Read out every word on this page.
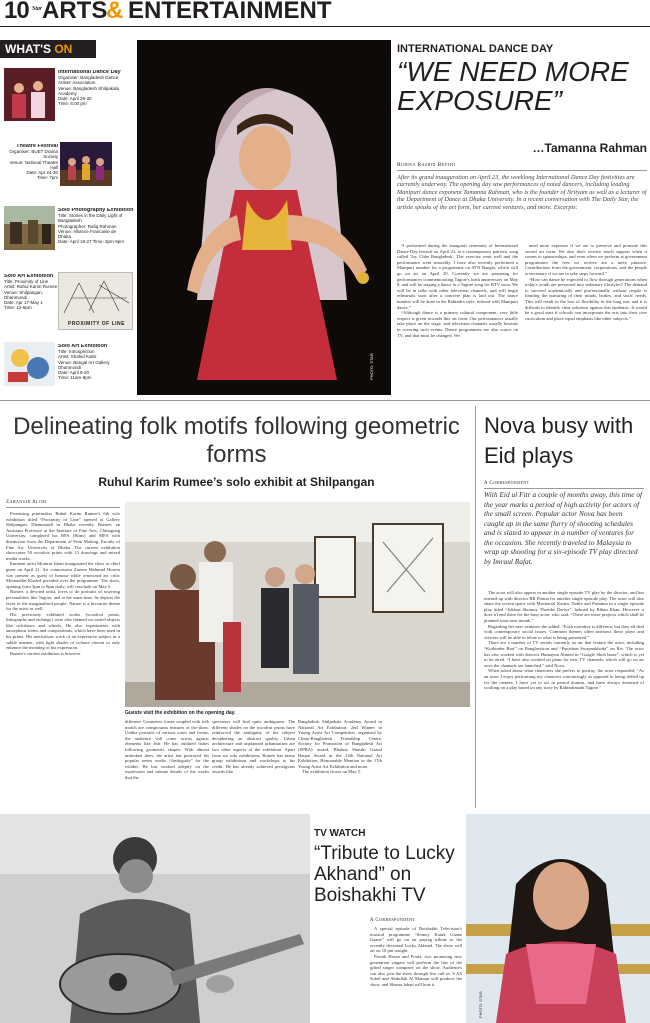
10 Star ARTS
& ENTERTAINMENT
WHAT'S ON
International Dance Day
Organiser: Bangladesh Dance
Artists' Association
Venue: Bangladesh Shilpakala
Academy
Date: April 29-30
Time: 6:00 pm
Theatre Festival
Organiser: BUET Drama Society
Venue: National Theatre
Hall
Date: Apr 24-30
Time: 7pm
Solo Photography Exhibition
Title: Stories in the Daily Light of
Bangladesh
Photographer: Rafiq Rahman
Venue: Alliance Francaise de
Dhaka
Date: April 18-27 Time: 3pm-9pm
Solo Art Exhibition
Title: Proximity of Line
Artist: Rahul Karim Rumee
Venue: Shilpangan, Dhanmondi
Date: Apr 17-May 1
Time: 12-8pm
PROXIMITY OF LINE
Solo Art Exhibition
Title: Introspection
Artist: Shahid Kabir
Venue: Bengal Art Gallery,
Dhanmondi
Date: April 5-20
Time: 11am-8pm	PHOTO: STAR
INTERNATIONAL DANCE DAY
“WE NEED MORE EXPOSURE”
…Tamanna Rahman
Rubina Rashid Beethi
After its grand inauguration on April 23, the weeklong International Dance Day festivities are currently underway. The opening day saw performances of noted dancers, including leading Manipuri dance exponent Tamanna Rahman, who is the founder of Nrityam as well as a lecturer of the Department of Dance at Dhaka University. In a recent conversation with The Daily Star, the artiste speaks of the art form, her current ventures, and more. Excerpts:

“I performed during the inaugural ceremony of International Dance Day festival on April 23, to a contemporary patriotic song called 'Joy Chhe Bangladesh'. The exercise went well and the performance went smoothly. I have also recently performed a Manipuri number for a programme on ATN Bangla, which will go on air on April 29. Currently we are preparing for performances commemorating Tagore's birth anniversary on May 8, and will be staging a dance to a Tagore song for BTV soon. We will be in talks with other television channels, and will begin rehearsals soon after a concrete plan is laid out. The dance number will be done in the Rabindra style, infused with Manipuri dance.”

“Although dance is a primary cultural component, very little respect is given towards this art form. Our performances usually take place on the stage, and television channels usually hesitate in covering such events. Dance programmes are also scarce on TV, and that must be changed. We

need more exposure if we are to preserve and promote this sacred art form. We also don't receive much support when it comes to sponsorships, and even when we perform at government programmes the fees we receive are a mere pittance. Contributions from the government, corporations, and the people is necessary if we are to take steps forward.”

“How can dance be expected to flow through generations when today's youth are pressured into sedentary lifestyles? The demand to succeed academically and professionally without respite is limiting the nurturing of their minds, bodies, and souls' needs. This will result in the loss of flexibility in the long run, and it is difficult to identify clear solutions against this epidemic. It would be a good start if schools can incorporate the arts into their core curriculum and place equal emphasis like other subjects.”

Delineating folk motifs following geometric forms
Ruhul Karim Rumee’s solo exhibit at Shilpangan
Zahangir Alom

Promising printmaker Ruhul Karim Rumee's 6th solo exhibition titled “Proximity of Line” opened at Gallery Shilpangan, Dhanmondi in Dhaka recently. Rumee, an Assistant Professor at the Institute of Fine Arts, Chittagong University, completed his BFA (Hons) and MFA with distinction from the Department of Print Making, Faculty of Fine Art, University of Dhaka. The current exhibition showcases 50 woodcut prints with 13 drawings and mixed media works.

Eminent artist Monirul Islam inaugurated the show as chief guest on April 21. Art connoisseur Zareen Mahmud Hosein was present as guest of honour while renowned art critic Moinuddin Khaled presided over the programme. The show, opening from 3pm to 8pm daily, will conclude on May 5.

Rumee, a devoted artist, loves to do portraits of towering personalities like Tagore, and at the same time, he depicts the faces of the marginalised people. Nature is a favourite theme for the artist as well.

His previously exhibited works [woodcut prints, lithographs and etchings] were also themed on varied objects like rickshaws and wheels. He also experiments with amorphous forms and compositions, which have been used in his prints. His meticulous work of an expressive subject in a subtle manner, with light shades of colours chosen to only enhance the meaning of his expression.

Rumee's current exhibition is however

Guests visit the exhibition on the opening day.

different. Geometric forms coupled with folk motifs are conspicuous features of the show. Unlike portraits of various tones and forms, the audience will come across agastic elements like fish. He has outlined fishes following geometric shapes. With almost unbroken lines, the artist has portrayed his popular series works “Ambiguity” for the exhibit. He has worked adeptly on the expression and minute details of the works that the

spectators will find quite ambiguous. The different shades on the woodcut prints have reinforced the ambiguity of the subject deciphering an abstract quality. Urban architecture and unplanned urbanisation are two other aspects of the exhibition. Apart from six solo exhibitions, Rumee has many group exhibitions and workshops to his credit. He has already achieved prestigious awards like

Bangladesh Shilpakala Academy Award in National Art Exhibition, 2nd Winner in Young Artist Art Competition, organised by China-Bangladesh Friendship Centre, Society for Promotion of Bangladesh Art (SPBA) award, Bhabna Shasthi Gaatal Haque Award in the 13th National Art Exhibition, Honourable Mention in the 17th Young Artist Art Exhibition and more.

The exhibition closes on May 5.

Nova busy with Eid plays
A Correspondent
With Eid ul Fitr a couple of months away, this time of the year marks a period of high activity for actors of the small screen. Popular actor Nova has been caught up in the same flurry of shooting schedules and is slated to appear in a number of ventures for the occasion. She recently traveled to Malaysia to wrap up shooting for a six-episode TV play directed by Imraul Rafat.

The actor will also appear in another single episode TV play by the director, and has teamed up with director BR Pinton for another single episode play. The actor will also share the screen space with Mosharraf Karim, Noble and Purnima in a single episode play titled “Jokhon Shomoy Thomke Dariye”, helmed by Rihan Khan. However it does n't end there for the busy actor, who said, “There are more projects which shall be planned soon next month.”

Regarding her new ventures she added, “Each narrative is different, but they all deal with contemporary social issues. Common themes often intersect these plays and viewers will be able to relate to what is being presented.”

There are a number of TV serials currently on air that feature the actor, including “Kothinder Bari” on Banglavision and “Punishon Swapnakhoda” on Rtv. The actor has also worked with director Humayun Ahmed in “Gaagle Shoh baste”, which is yet to be aired. “I have also worked on plans for new TV channels, which will go on air once the channels are launched,” said Nova.

When asked about what characters she prefers to portray, the actor responded, “As an actor I enjoy performing my character convincingly as opposed to being dolled up for the camera. I have yet to act in period dramas, and have always dreamed of working on a play based on any story by Rabindranath Tagore.”

TV WATCH
“Tribute to Lucky Akhand” on Boishakhi TV
A Correspondent

A special episode of Boishakhi Television's musical programme “Somoy Katuk Gaane Gaane” will go on air paying tribute to the recently deceased Lucky Akhand. The show will air on 10 pm tonight.

Pronik Hasan and Poula, two promising new generation singers will perform the hits of the gifted singer composer on the show. Audiences can also join the show through live call in. S Ali Sohel and Abdullah Al Mamun will produce the show, and Shama Jahan will host it.

PHOTO: STAR
